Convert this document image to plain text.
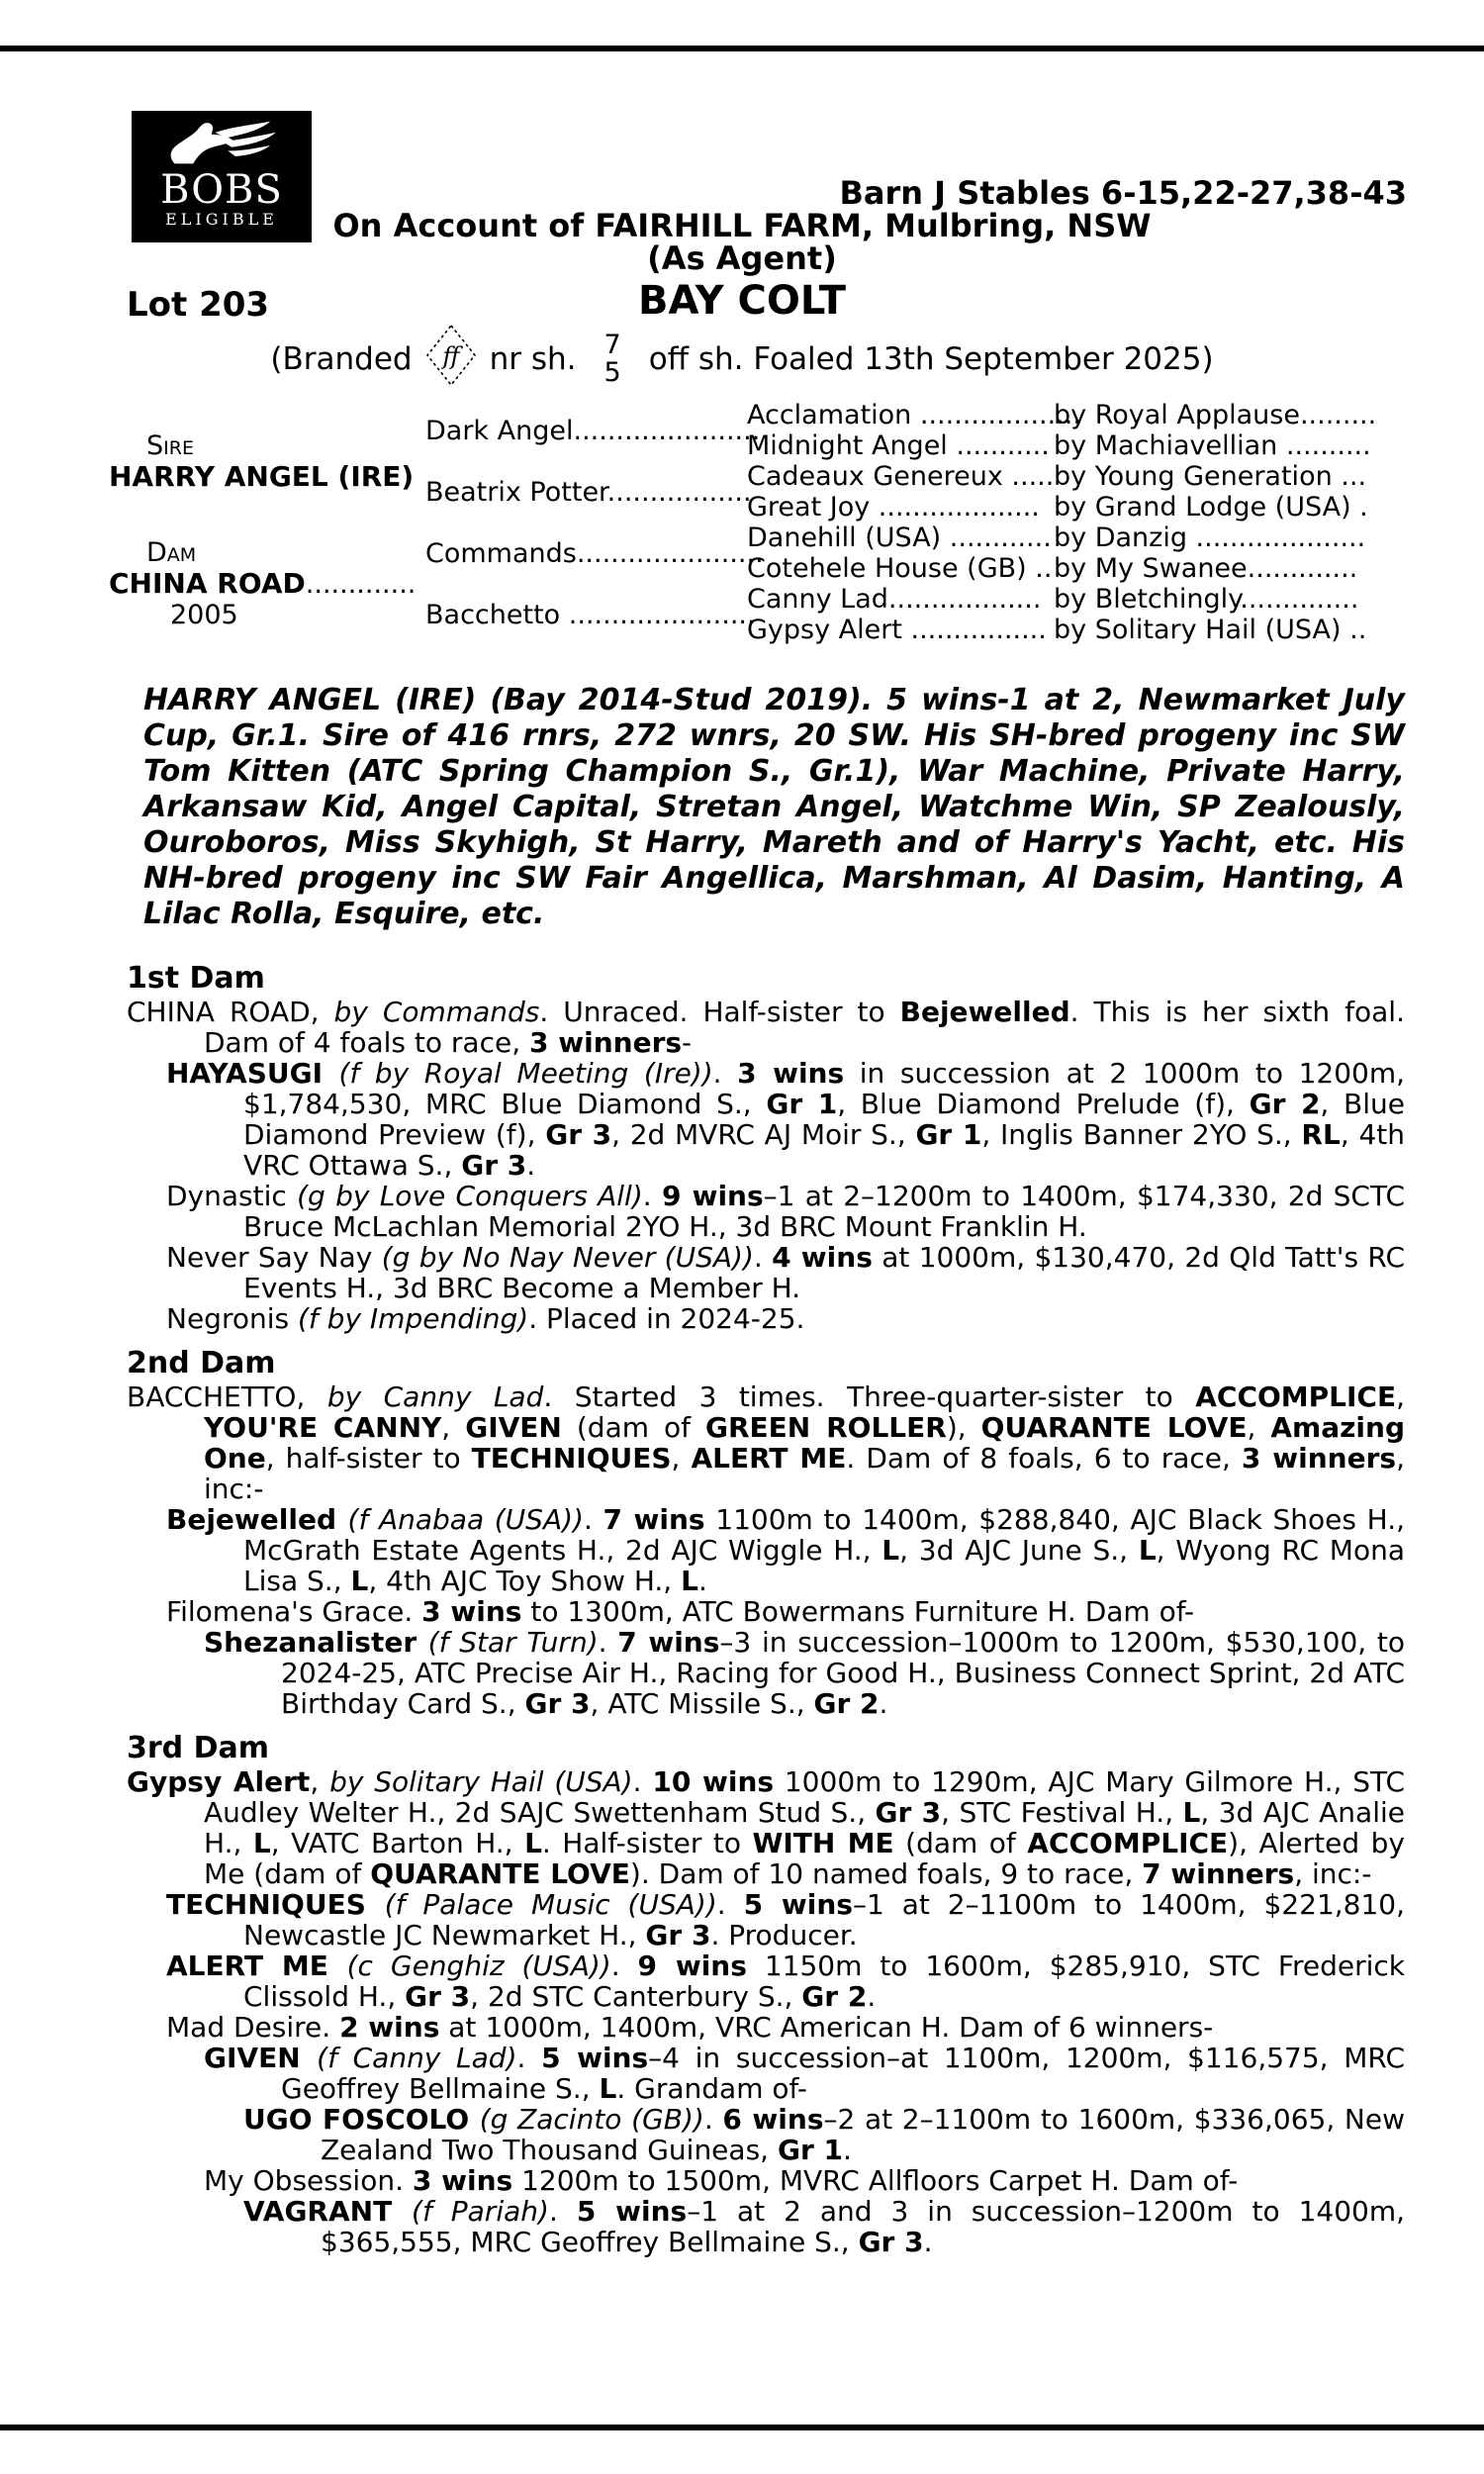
BOBS
ELIGIBLE
Barn J Stables 6-15,22-27,38-43
On Account of FAIRHILL FARM, Mulbring, NSW
(As Agent)
Lot 203	BAY COLT
(Branded ff nr sh. 7
5 off sh. Foaled 13th September 2025)
Sire
HARRY ANGEL (IRE)
Dam
CHINA ROAD.............
2005
Dark Angel......................
Acclamation ...................
by Royal Applause.........
Midnight Angel ........... by Machiavellian ..........
Beatrix Potter.................
Cadeaux Genereux ..... by Young Generation ...
Great Joy ................... by Grand Lodge (USA) .
Commands......................
Danehill (USA) ............ by Danzig ....................
Cotehele House (GB) .. by My Swanee.............
Bacchetto ......................
Canny Lad.................. by Bletchingly..............
Gypsy Alert ................ by Solitary Hail (USA) ..

HARRY ANGEL (IRE) (Bay 2014-Stud 2019). 5 wins-1 at 2, Newmarket July Cup, Gr.1. Sire of 416 rnrs, 272 wnrs, 20 SW. His SH-bred progeny inc SW Tom Kitten (ATC Spring Champion S., Gr.1), War Machine, Private Harry, Arkansaw Kid, Angel Capital, Stretan Angel, Watchme Win, SP Zealously, Ouroboros, Miss Skyhigh, St Harry, Mareth and of Harry's Yacht, etc. His NH-bred progeny inc SW Fair Angellica, Marshman, Al Dasim, Hanting, A Lilac Rolla, Esquire, etc.

1st Dam

CHINA ROAD, by Commands. Unraced. Half-sister to Bejewelled. This is her sixth foal. Dam of 4 foals to race, 3 winners-

HAYASUGI (f by Royal Meeting (Ire)). 3 wins in succession at 2 1000m to 1200m, $1,784,530, MRC Blue Diamond S., Gr 1, Blue Diamond Prelude (f), Gr 2, Blue Diamond Preview (f), Gr 3, 2d MVRC AJ Moir S., Gr 1, Inglis Banner 2YO S., RL, 4th VRC Ottawa S., Gr 3.

Dynastic (g by Love Conquers All). 9 wins–1 at 2–1200m to 1400m, $174,330, 2d SCTC Bruce McLachlan Memorial 2YO H., 3d BRC Mount Franklin H.

Never Say Nay (g by No Nay Never (USA)). 4 wins at 1000m, $130,470, 2d Qld Tatt's RC Events H., 3d BRC Become a Member H.

Negronis (f by Impending). Placed in 2024-25.

2nd Dam

BACCHETTO, by Canny Lad. Started 3 times. Three-quarter-sister to ACCOMPLICE, YOU'RE CANNY, GIVEN (dam of GREEN ROLLER), QUARANTE LOVE, Amazing One, half-sister to TECHNIQUES, ALERT ME. Dam of 8 foals, 6 to race, 3 winners, inc:-

Bejewelled (f Anabaa (USA)). 7 wins 1100m to 1400m, $288,840, AJC Black Shoes H., McGrath Estate Agents H., 2d AJC Wiggle H., L, 3d AJC June S., L, Wyong RC Mona Lisa S., L, 4th AJC Toy Show H., L.

Filomena's Grace. 3 wins to 1300m, ATC Bowermans Furniture H. Dam of-

Shezanalister (f Star Turn). 7 wins–3 in succession–1000m to 1200m, $530,100, to 2024-25, ATC Precise Air H., Racing for Good H., Business Connect Sprint, 2d ATC Birthday Card S., Gr 3, ATC Missile S., Gr 2.

3rd Dam

Gypsy Alert, by Solitary Hail (USA). 10 wins 1000m to 1290m, AJC Mary Gilmore H., STC Audley Welter H., 2d SAJC Swettenham Stud S., Gr 3, STC Festival H., L, 3d AJC Analie H., L, VATC Barton H., L. Half-sister to WITH ME (dam of ACCOMPLICE), Alerted by Me (dam of QUARANTE LOVE). Dam of 10 named foals, 9 to race, 7 winners, inc:-

TECHNIQUES (f Palace Music (USA)). 5 wins–1 at 2–1100m to 1400m, $221,810, Newcastle JC Newmarket H., Gr 3. Producer.

ALERT ME (c Genghiz (USA)). 9 wins 1150m to 1600m, $285,910, STC Frederick Clissold H., Gr 3, 2d STC Canterbury S., Gr 2.

Mad Desire. 2 wins at 1000m, 1400m, VRC American H. Dam of 6 winners-

GIVEN (f Canny Lad). 5 wins–4 in succession–at 1100m, 1200m, $116,575, MRC Geoffrey Bellmaine S., L. Grandam of-

UGO FOSCOLO (g Zacinto (GB)). 6 wins–2 at 2–1100m to 1600m, $336,065, New Zealand Two Thousand Guineas, Gr 1.

My Obsession. 3 wins 1200m to 1500m, MVRC Allfloors Carpet H. Dam of-

VAGRANT (f Pariah). 5 wins–1 at 2 and 3 in succession–1200m to 1400m, $365,555, MRC Geoffrey Bellmaine S., Gr 3.
